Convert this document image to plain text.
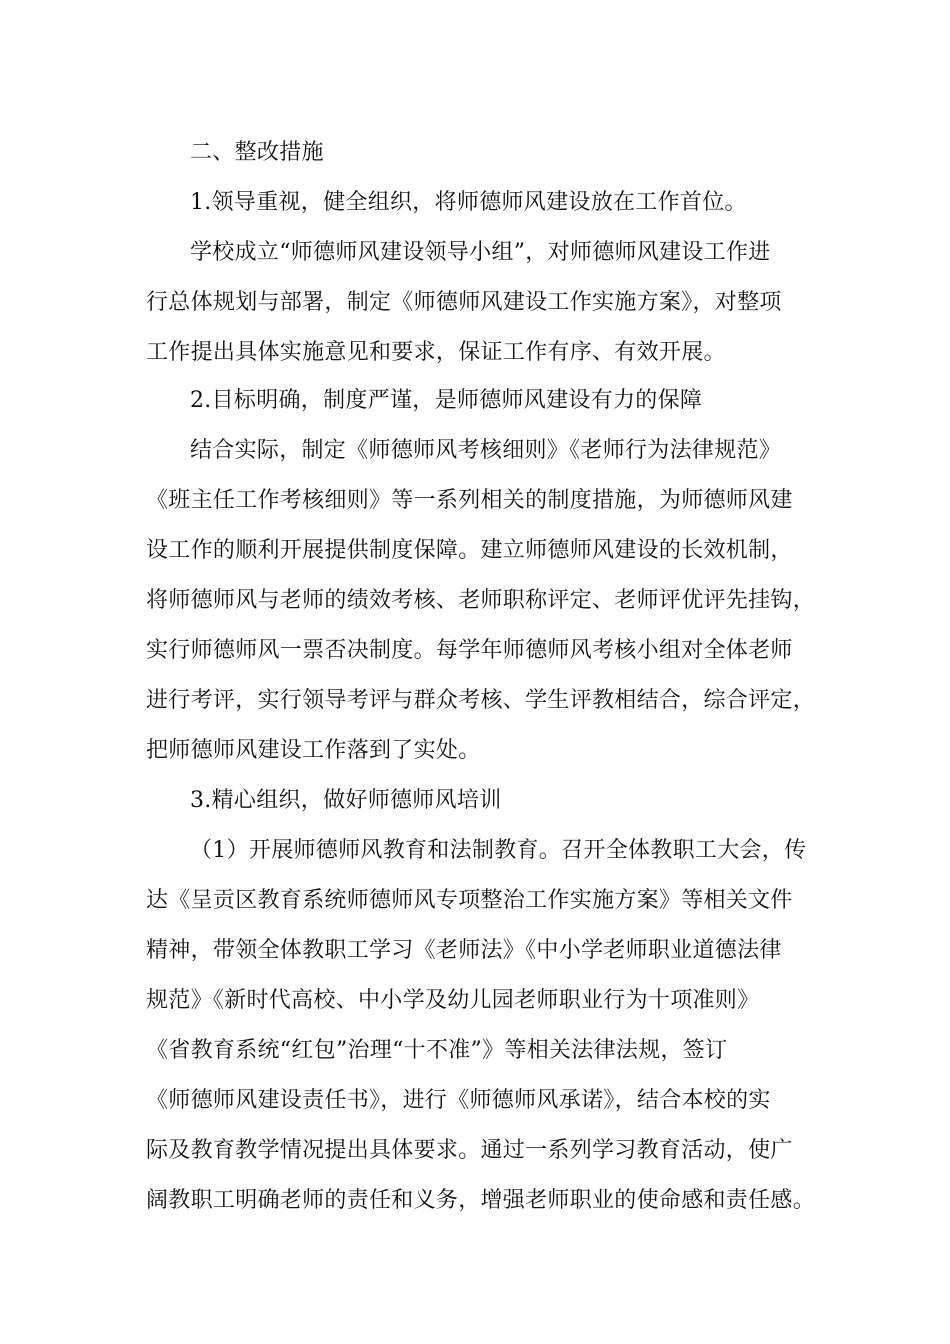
二、整改措施
1.领导重视，健全组织，将师德师风建设放在工作首位。
学校成立“师德师风建设领导小组”，对师德师风建设工作进
行总体规划与部署，制定《师德师风建设工作实施方案》，对整项
工作提出具体实施意见和要求，保证工作有序、有效开展。
2.目标明确，制度严谨，是师德师风建设有力的保障
结合实际，制定《师德师风考核细则》《老师行为法律规范》
《班主任工作考核细则》等一系列相关的制度措施，为师德师风建
设工作的顺利开展提供制度保障。建立师德师风建设的长效机制，
将师德师风与老师的绩效考核、老师职称评定、老师评优评先挂钩，
实行师德师风一票否决制度。每学年师德师风考核小组对全体老师
进行考评，实行领导考评与群众考核、学生评教相结合，综合评定，
把师德师风建设工作落到了实处。
3.精心组织，做好师德师风培训
（1）开展师德师风教育和法制教育。召开全体教职工大会，传
达《呈贡区教育系统师德师风专项整治工作实施方案》等相关文件
精神，带领全体教职工学习《老师法》《中小学老师职业道德法律
规范》《新时代高校、中小学及幼儿园老师职业行为十项准则》
《省教育系统“红包”治理“十不准”》等相关法律法规，签订
《师德师风建设责任书》，进行《师德师风承诺》，结合本校的实
际及教育教学情况提出具体要求。通过一系列学习教育活动，使广
阔教职工明确老师的责任和义务，增强老师职业的使命感和责任感。
